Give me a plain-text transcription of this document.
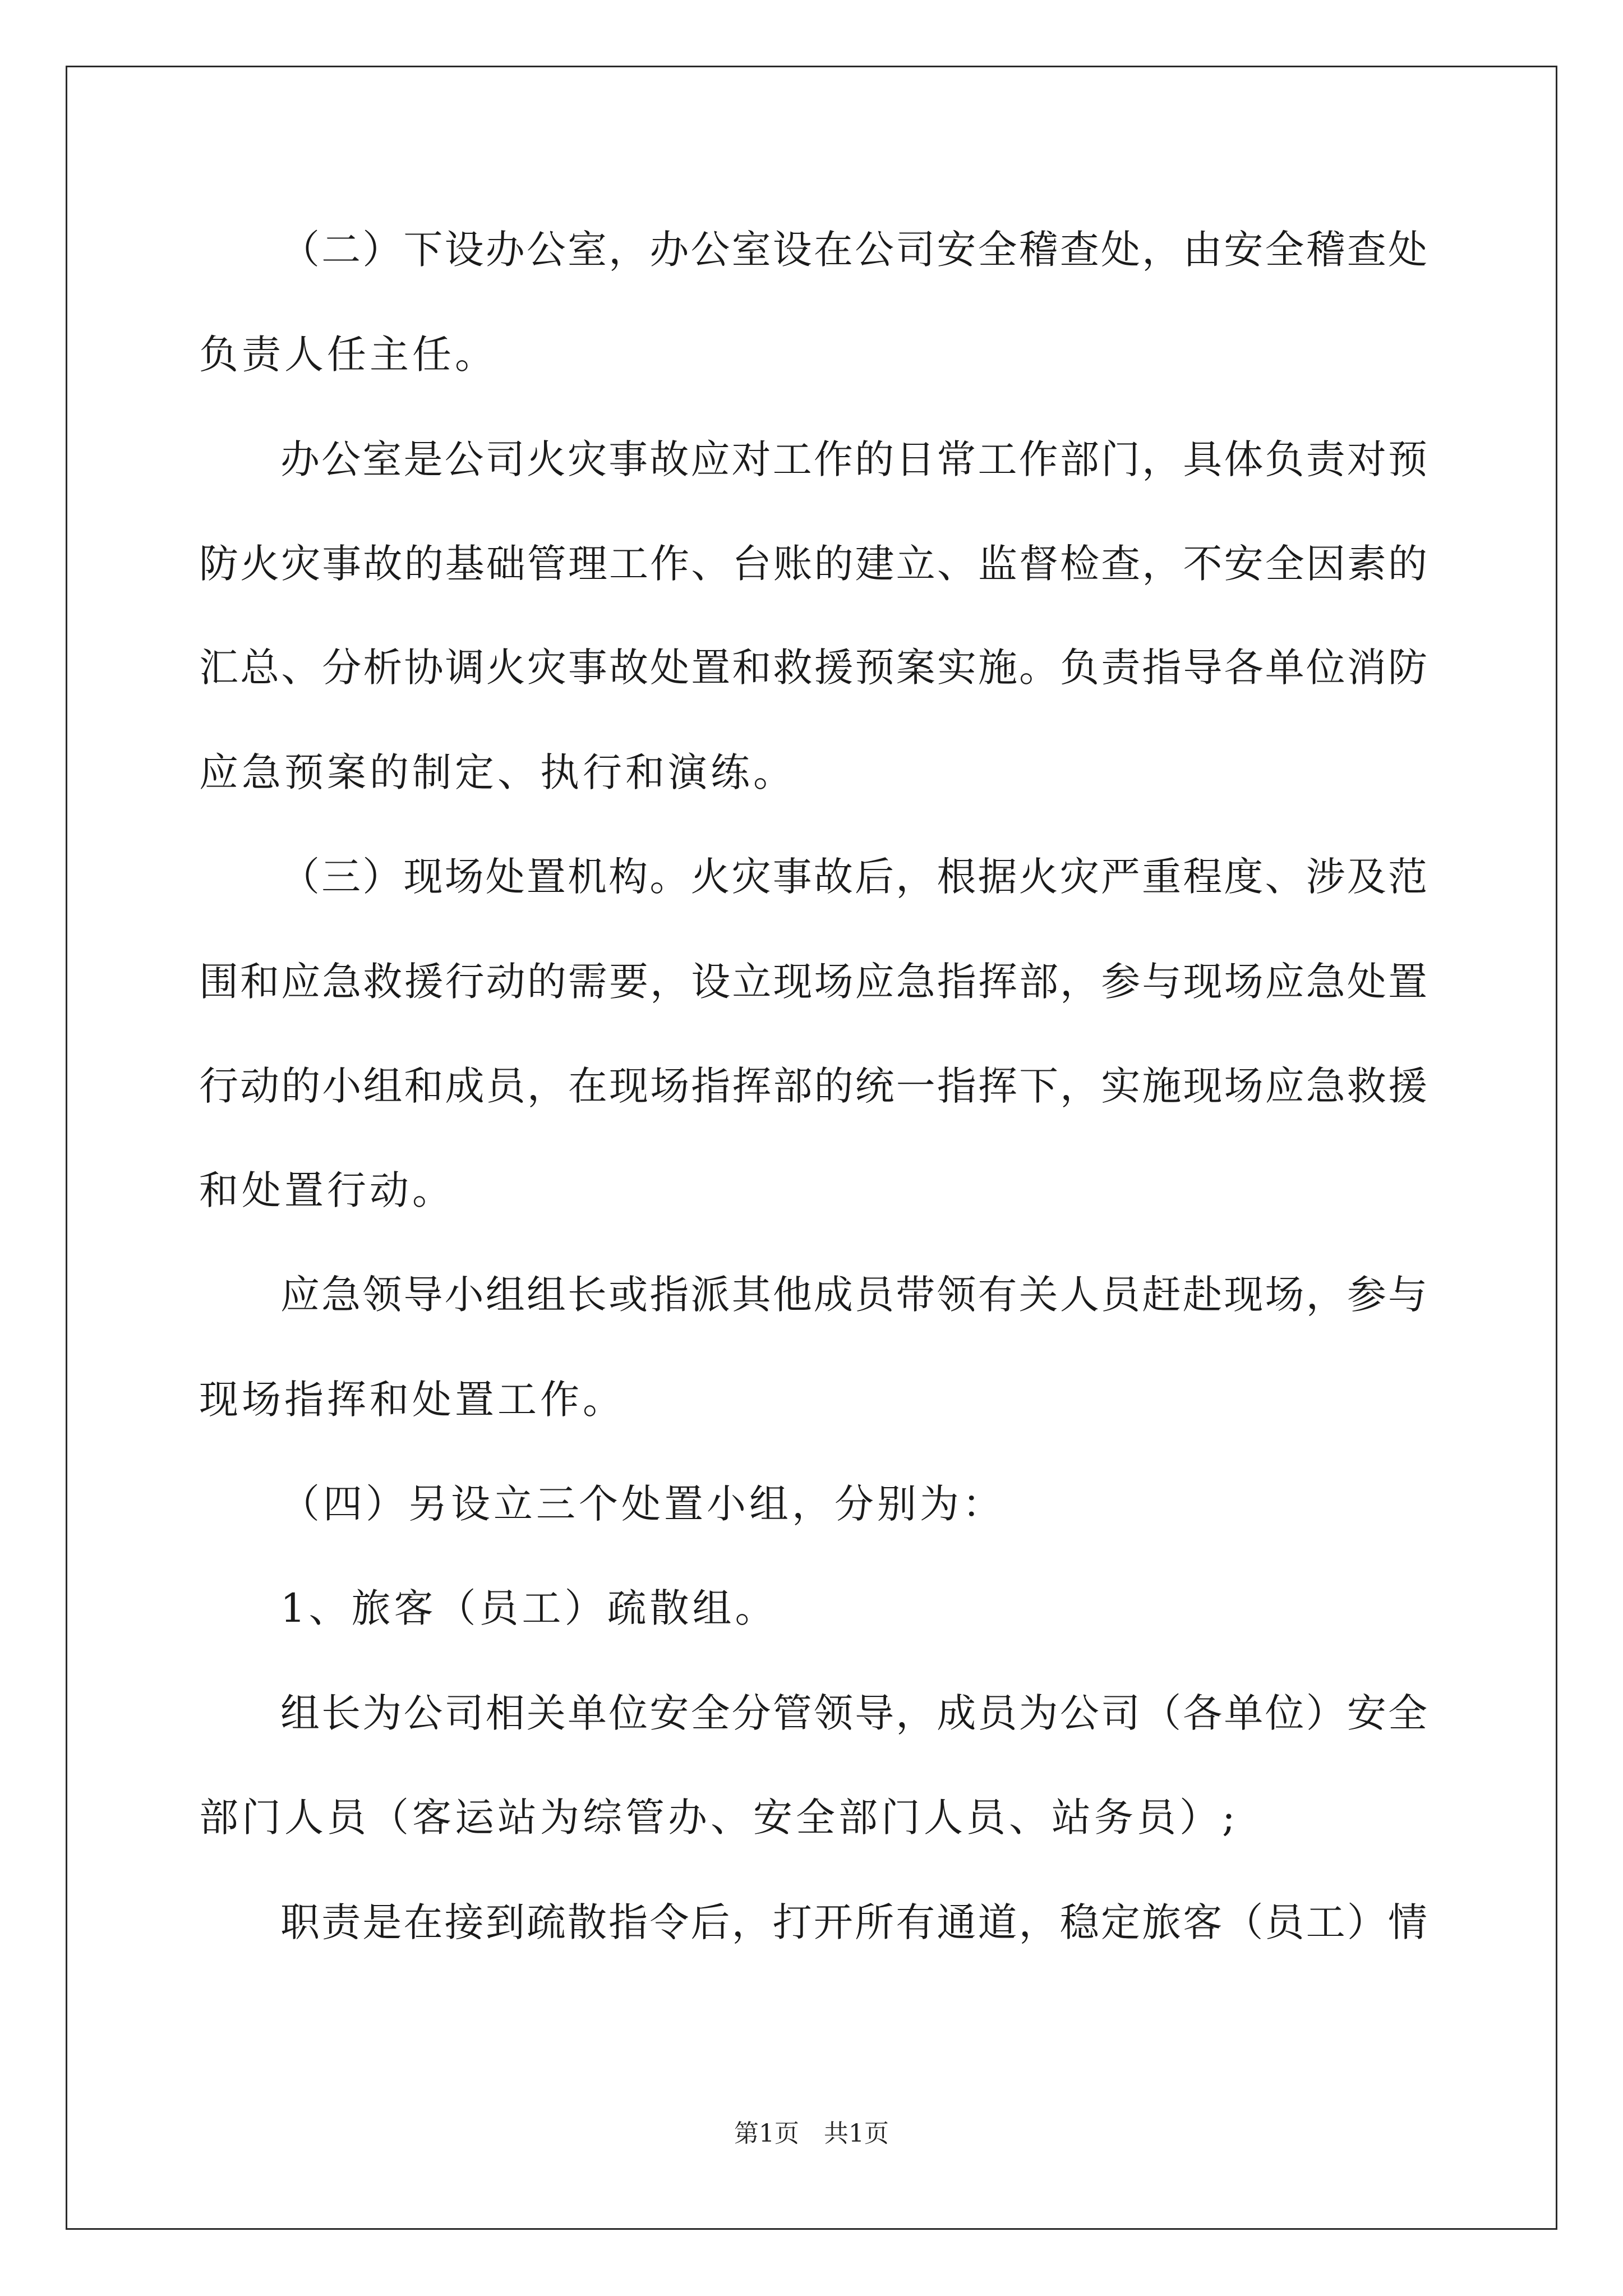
（二）下设办公室，办公室设在公司安全稽查处，由安全稽查处
负责人任主任。
办公室是公司火灾事故应对工作的日常工作部门，具体负责对预
防火灾事故的基础管理工作、台账的建立、监督检查，不安全因素的
汇总、分析协调火灾事故处置和救援预案实施。负责指导各单位消防
应急预案的制定、执行和演练。
（三）现场处置机构。火灾事故后，根据火灾严重程度、涉及范
围和应急救援行动的需要，设立现场应急指挥部，参与现场应急处置
行动的小组和成员，在现场指挥部的统一指挥下，实施现场应急救援
和处置行动。
应急领导小组组长或指派其他成员带领有关人员赶赴现场，参与
现场指挥和处置工作。
（四）另设立三个处置小组，分别为：
1、旅客（员工）疏散组。
组长为公司相关单位安全分管领导，成员为公司（各单位）安全
部门人员（客运站为综管办、安全部门人员、站务员）;
职责是在接到疏散指令后，打开所有通道，稳定旅客（员工）情
第1页　共1页
